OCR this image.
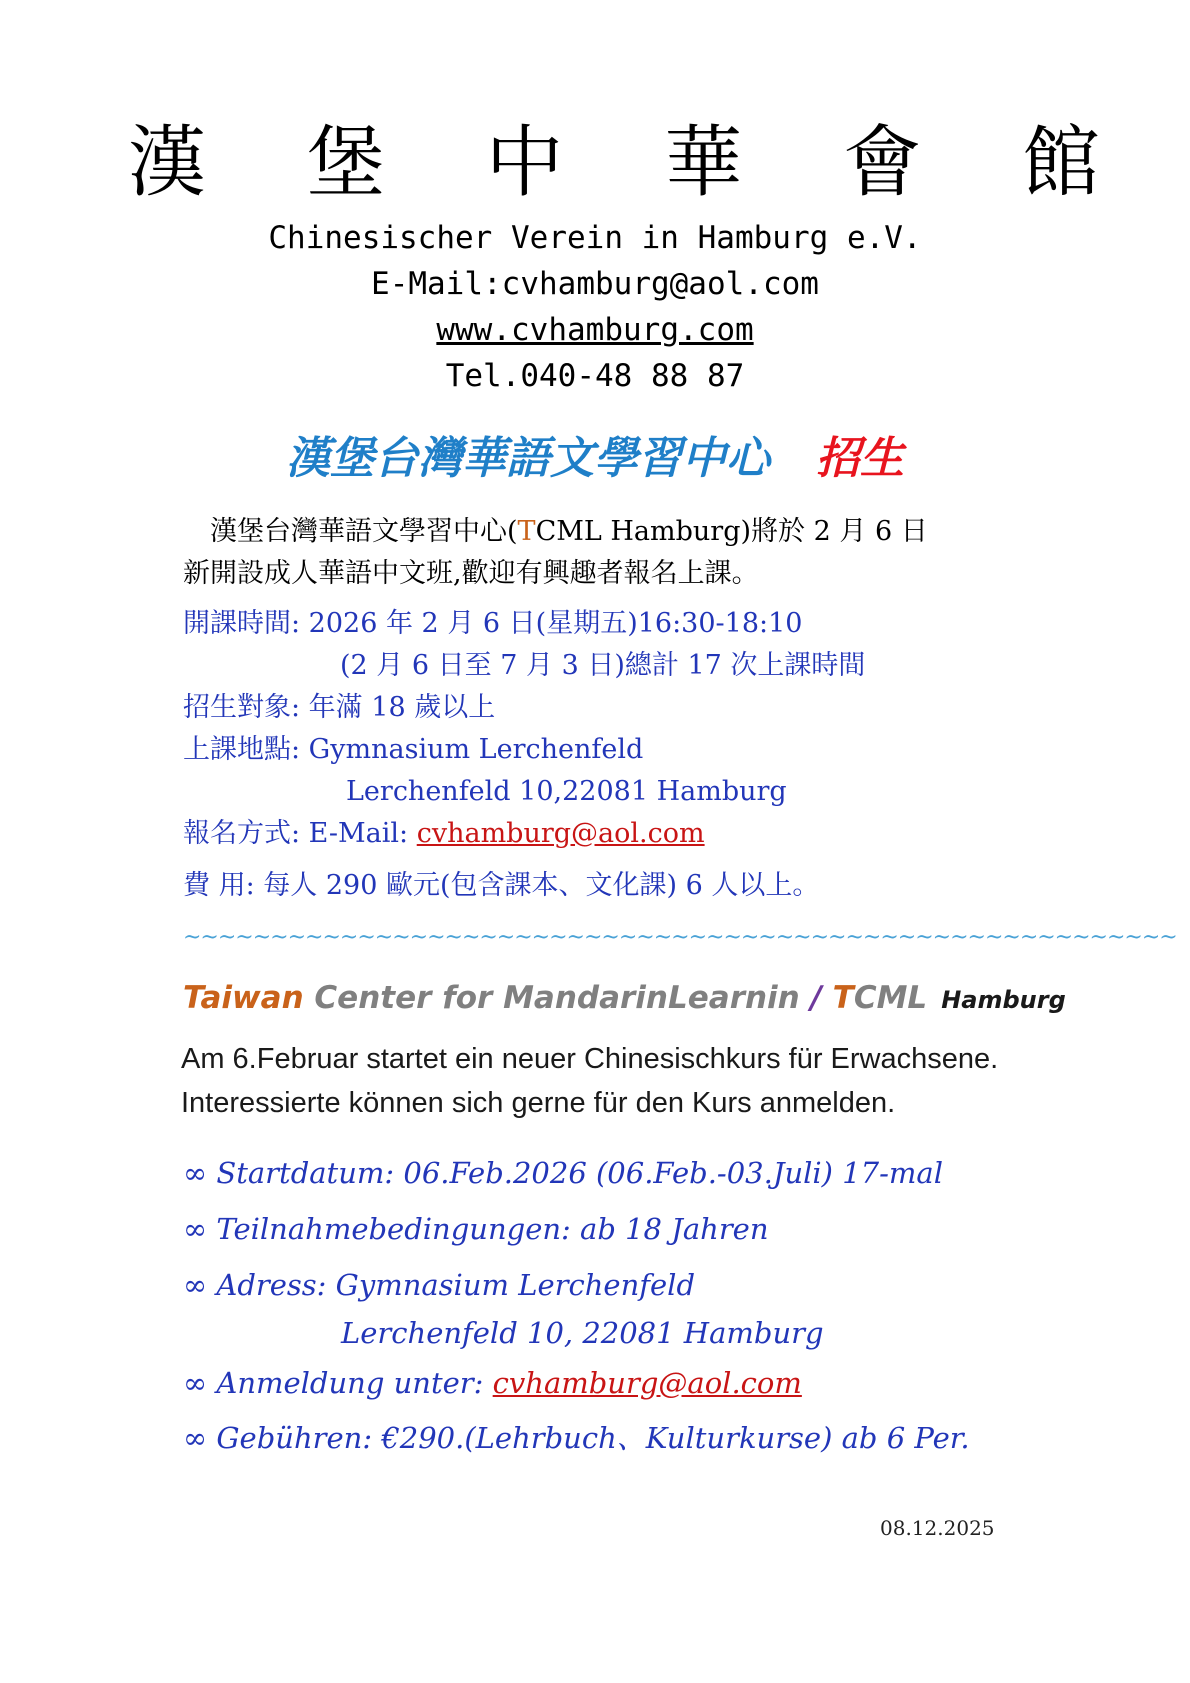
漢 堡 中 華 會 館
Chinesischer Verein in Hamburg e.V.
E-Mail:cvhamburg@aol.com
www.cvhamburg.com
Tel.040-48 88 87
漢堡台灣華語文學習中心 招生
　漢堡台灣華語文學習中心(TCML Hamburg)將於 2 月 6 日
新開設成人華語中文班,歡迎有興趣者報名上課。
開課時間: 2026 年 2 月 6 日(星期五)16:30-18:10
(2 月 6 日至 7 月 3 日)總計 17 次上課時間
招生對象: 年滿 18 歲以上
上課地點: Gymnasium Lerchenfeld
Lerchenfeld 10,22081 Hamburg
報名方式: E-Mail: cvhamburg@aol.com
費 用: 每人 290 歐元(包含課本、文化課) 6 人以上。
~~~~~~~~~~~~~~~~~~~~~~~~~~~~~~~~~~~~~~~~~~~~~~~~~~~~~~~~~
Taiwan Center for MandarinLearnin / TCML Hamburg
Am 6.Februar startet ein neuer Chinesischkurs für Erwachsene.
Interessierte können sich gerne für den Kurs anmelden.
∞ Startdatum: 06.Feb.2026 (06.Feb.-03.Juli) 17-mal
∞ Teilnahmebedingungen: ab 18 Jahren
∞ Adress: Gymnasium Lerchenfeld
Lerchenfeld 10, 22081 Hamburg
∞ Anmeldung unter: cvhamburg@aol.com
∞ Gebühren: €290.(Lehrbuch、Kulturkurse) ab 6 Per.
08.12.2025
